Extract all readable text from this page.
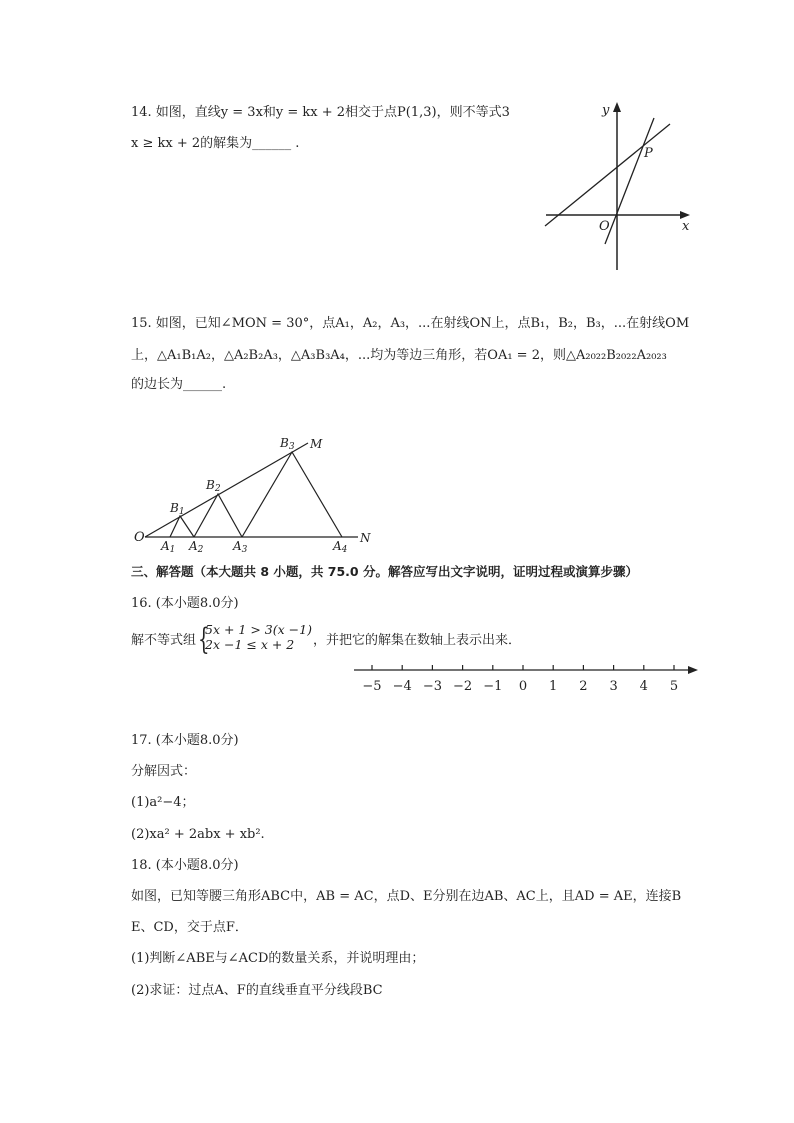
14. 如图，直线y = 3x和y = kx + 2相交于点P(1,3)，则不等式3
x ≥ kx + 2的解集为______ .
y
x
O
P
15. 如图，已知∠MON = 30°，点A₁，A₂，A₃，...在射线ON上，点B₁，B₂，B₃，...在射线OM
上，△A₁B₁A₂，△A₂B₂A₃，△A₃B₃A₄，...均为等边三角形，若OA₁ = 2，则△A₂₀₂₂B₂₀₂₂A₂₀₂₃
的边长为______.
O
M
N
B1
B2
B3
A1 A2 A3	A4
三、解答题（本大题共 8 小题，共 75.0 分。解答应写出文字说明，证明过程或演算步骤）
16. (本小题8.0分)
解不等式组 {
5x + 1 > 3(x −1)
2x −1 ≤ x + 2 ，并把它的解集在数轴上表示出来．
−5 −4 −3 −2 −1 0 1 2 3 4 5
17. (本小题8.0分)
分解因式：
(1)a²−4；
(2)xa² + 2abx + xb².
18. (本小题8.0分)
如图，已知等腰三角形ABC中，AB = AC，点D、E分别在边AB、AC上，且AD = AE，连接B
E、CD，交于点F．
(1)判断∠ABE与∠ACD的数量关系，并说明理由；
(2)求证：过点A、F的直线垂直平分线段BC
